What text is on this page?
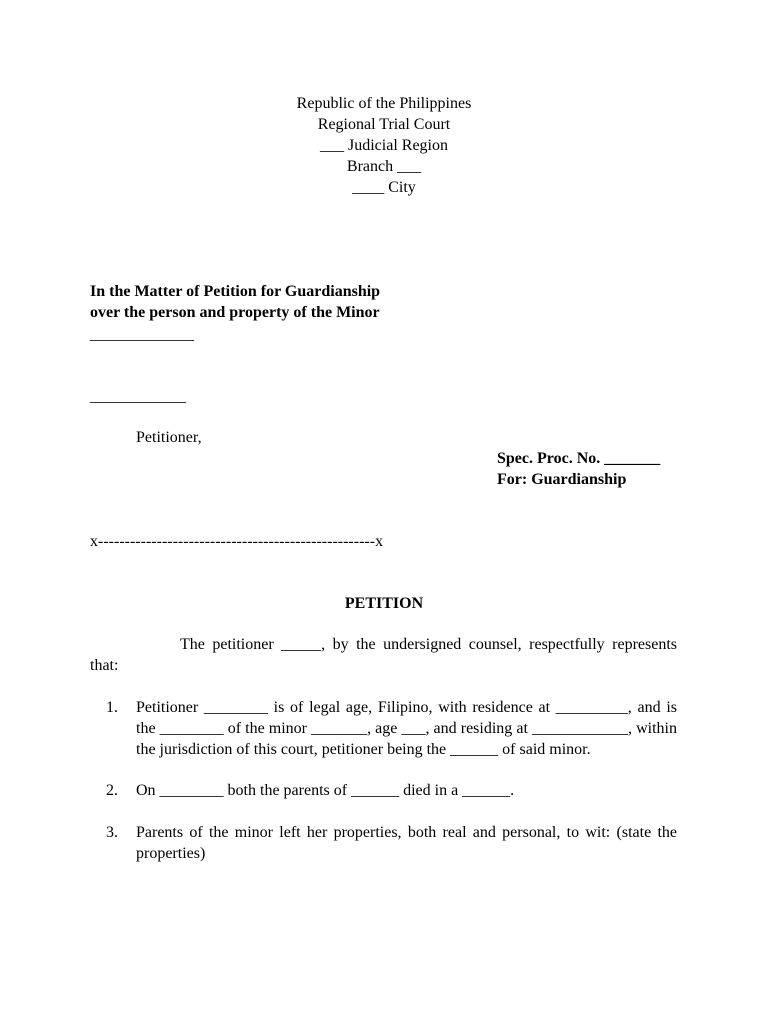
Republic of the Philippines
Regional Trial Court
___ Judicial Region
Branch ___
____ City
In the Matter of Petition for Guardianship
over the person and property of the Minor
_____________
____________
Petitioner,
Spec. Proc. No. _______
For: Guardianship
x----------------------------------------------------x
PETITION
The petitioner _____, by the undersigned counsel, respectfully represents that:
1. Petitioner ________ is of legal age, Filipino, with residence at _________, and is the ________ of the minor _______, age ___, and residing at ____________, within the jurisdiction of this court, petitioner being the ______ of said minor.
2. On ________ both the parents of ______ died in a ______.
3. Parents of the minor left her properties, both real and personal, to wit: (state the properties)
